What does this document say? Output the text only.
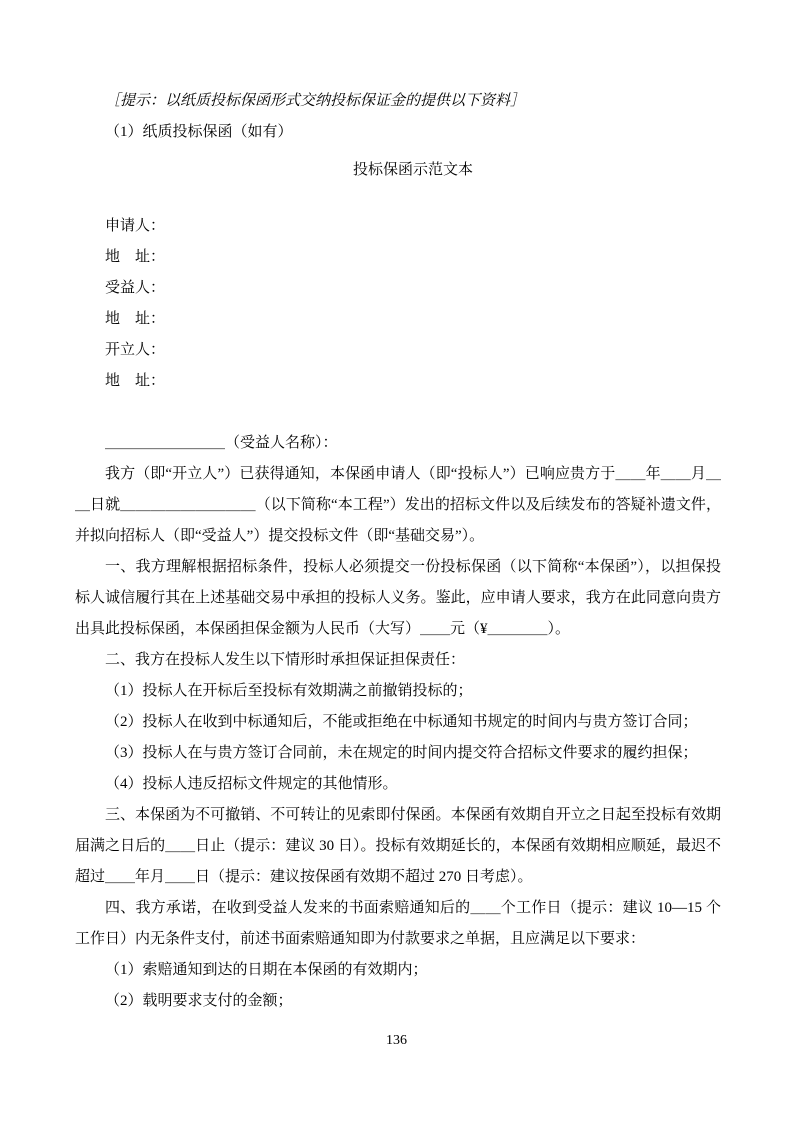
［提示：以纸质投标保函形式交纳投标保证金的提供以下资料］

（1）纸质投标保函（如有）

投标保函示范文本

申请人：

地　址：

受益人：

地　址：

开立人：

地　址：

＿＿＿＿＿＿＿＿（受益人名称）：

我方（即“开立人”）已获得通知，本保函申请人（即“投标人”）已响应贵方于＿＿年＿＿月＿＿日就＿＿＿＿＿＿＿＿＿（以下简称“本工程”）发出的招标文件以及后续发布的答疑补遗文件，并拟向招标人（即“受益人”）提交投标文件（即“基础交易”）。

一、我方理解根据招标条件，投标人必须提交一份投标保函（以下简称“本保函”），以担保投标人诚信履行其在上述基础交易中承担的投标人义务。鉴此，应申请人要求，我方在此同意向贵方出具此投标保函，本保函担保金额为人民币（大写）＿＿元（¥＿＿＿＿）。

二、我方在投标人发生以下情形时承担保证担保责任：

（1）投标人在开标后至投标有效期满之前撤销投标的；

（2）投标人在收到中标通知后，不能或拒绝在中标通知书规定的时间内与贵方签订合同；

（3）投标人在与贵方签订合同前，未在规定的时间内提交符合招标文件要求的履约担保；

（4）投标人违反招标文件规定的其他情形。

三、本保函为不可撤销、不可转让的见索即付保函。本保函有效期自开立之日起至投标有效期届满之日后的＿＿日止（提示：建议 30 日）。投标有效期延长的，本保函有效期相应顺延，最迟不超过＿＿年月＿＿日（提示：建议按保函有效期不超过 270 日考虑）。

四、我方承诺，在收到受益人发来的书面索赔通知后的＿＿个工作日（提示：建议 10—15 个工作日）内无条件支付，前述书面索赔通知即为付款要求之单据，且应满足以下要求：

（1）索赔通知到达的日期在本保函的有效期内；

（2）载明要求支付的金额；

136
